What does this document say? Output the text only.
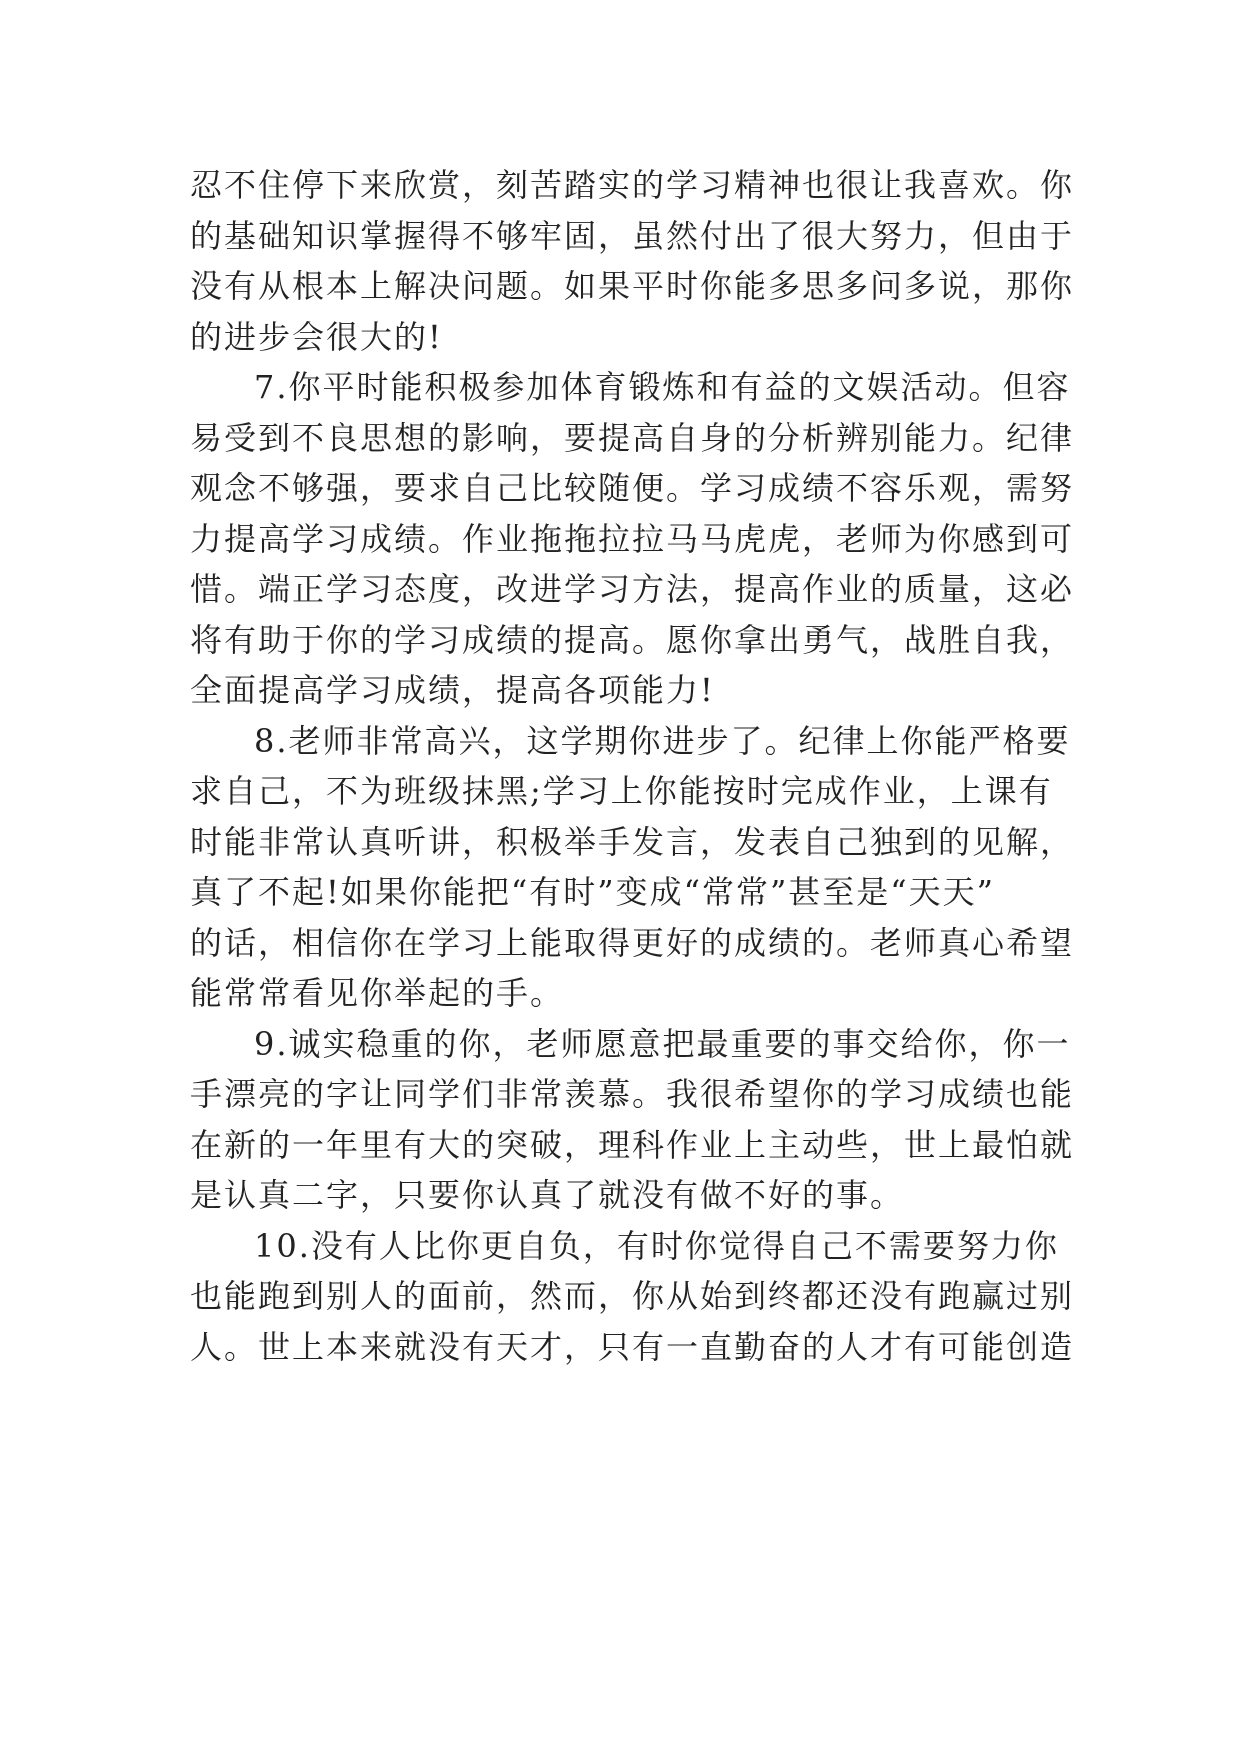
忍不住停下来欣赏，刻苦踏实的学习精神也很让我喜欢。你
的基础知识掌握得不够牢固，虽然付出了很大努力，但由于
没有从根本上解决问题。如果平时你能多思多问多说，那你
的进步会很大的!
7.你平时能积极参加体育锻炼和有益的文娱活动。但容
易受到不良思想的影响，要提高自身的分析辨别能力。纪律
观念不够强，要求自己比较随便。学习成绩不容乐观，需努
力提高学习成绩。作业拖拖拉拉马马虎虎，老师为你感到可
惜。端正学习态度，改进学习方法，提高作业的质量，这必
将有助于你的学习成绩的提高。愿你拿出勇气，战胜自我，
全面提高学习成绩，提高各项能力!
8.老师非常高兴，这学期你进步了。纪律上你能严格要
求自己，不为班级抹黑;学习上你能按时完成作业，上课有
时能非常认真听讲，积极举手发言，发表自己独到的见解，
真了不起!如果你能把“有时”变成“常常”甚至是“天天”
的话，相信你在学习上能取得更好的成绩的。老师真心希望
能常常看见你举起的手。
9.诚实稳重的你，老师愿意把最重要的事交给你，你一
手漂亮的字让同学们非常羡慕。我很希望你的学习成绩也能
在新的一年里有大的突破，理科作业上主动些，世上最怕就
是认真二字，只要你认真了就没有做不好的事。
10.没有人比你更自负，有时你觉得自己不需要努力你
也能跑到别人的面前，然而，你从始到终都还没有跑赢过别
人。世上本来就没有天才，只有一直勤奋的人才有可能创造
